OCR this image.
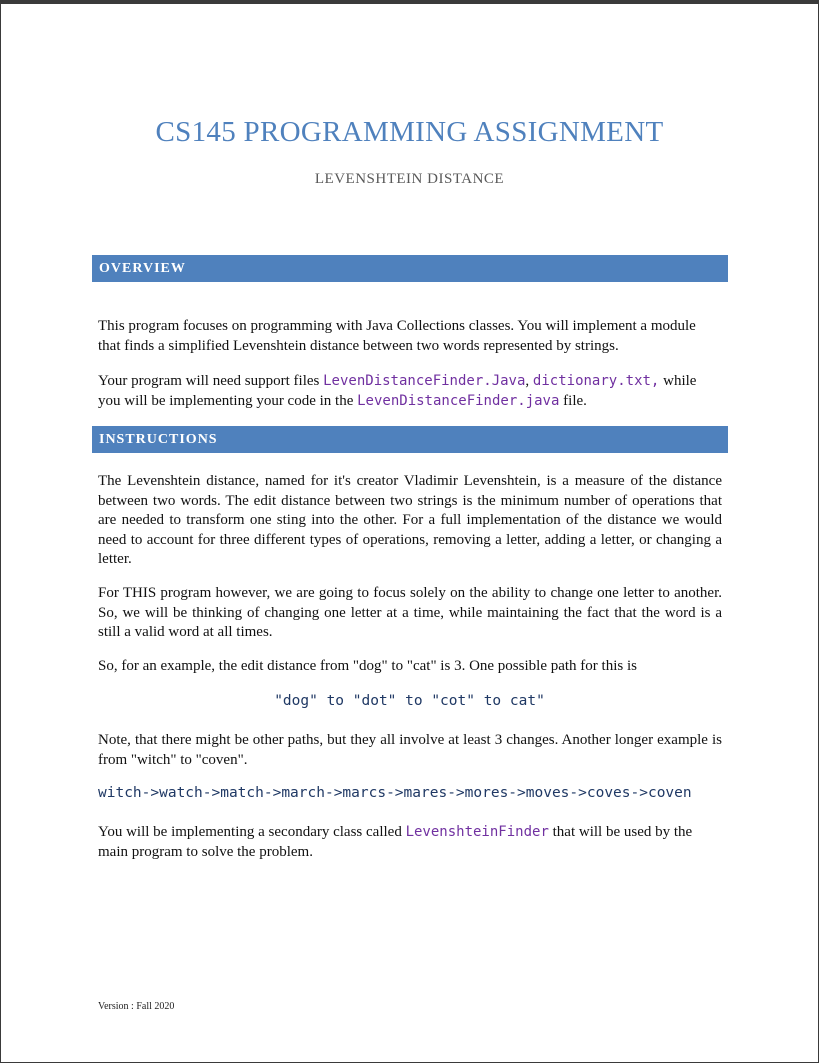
CS145 PROGRAMMING ASSIGNMENT
LEVENSHTEIN DISTANCE
OVERVIEW

This program focuses on programming with Java Collections classes. You will implement a module that finds a simplified Levenshtein distance between two words represented by strings.

Your program will need support files LevenDistanceFinder.Java, dictionary.txt, while you will be implementing your code in the LevenDistanceFinder.java file.

INSTRUCTIONS

The Levenshtein distance, named for it's creator Vladimir Levenshtein, is a measure of the distance between two words. The edit distance between two strings is the minimum number of operations that are needed to transform one sting into the other. For a full implementation of the distance we would need to account for three different types of operations, removing a letter, adding a letter, or changing a letter.

For THIS program however, we are going to focus solely on the ability to change one letter to another. So, we will be thinking of changing one letter at a time, while maintaining the fact that the word is a still a valid word at all times.

So, for an example, the edit distance from "dog" to "cat" is 3. One possible path for this is

"dog" to "dot" to "cot" to cat"

Note, that there might be other paths, but they all involve at least 3 changes. Another longer example is from "witch" to "coven".

witch->watch->match->march->marcs->mares->mores->moves->coves->coven

You will be implementing a secondary class called LevenshteinFinder that will be used by the main program to solve the problem.

Version : Fall 2020
